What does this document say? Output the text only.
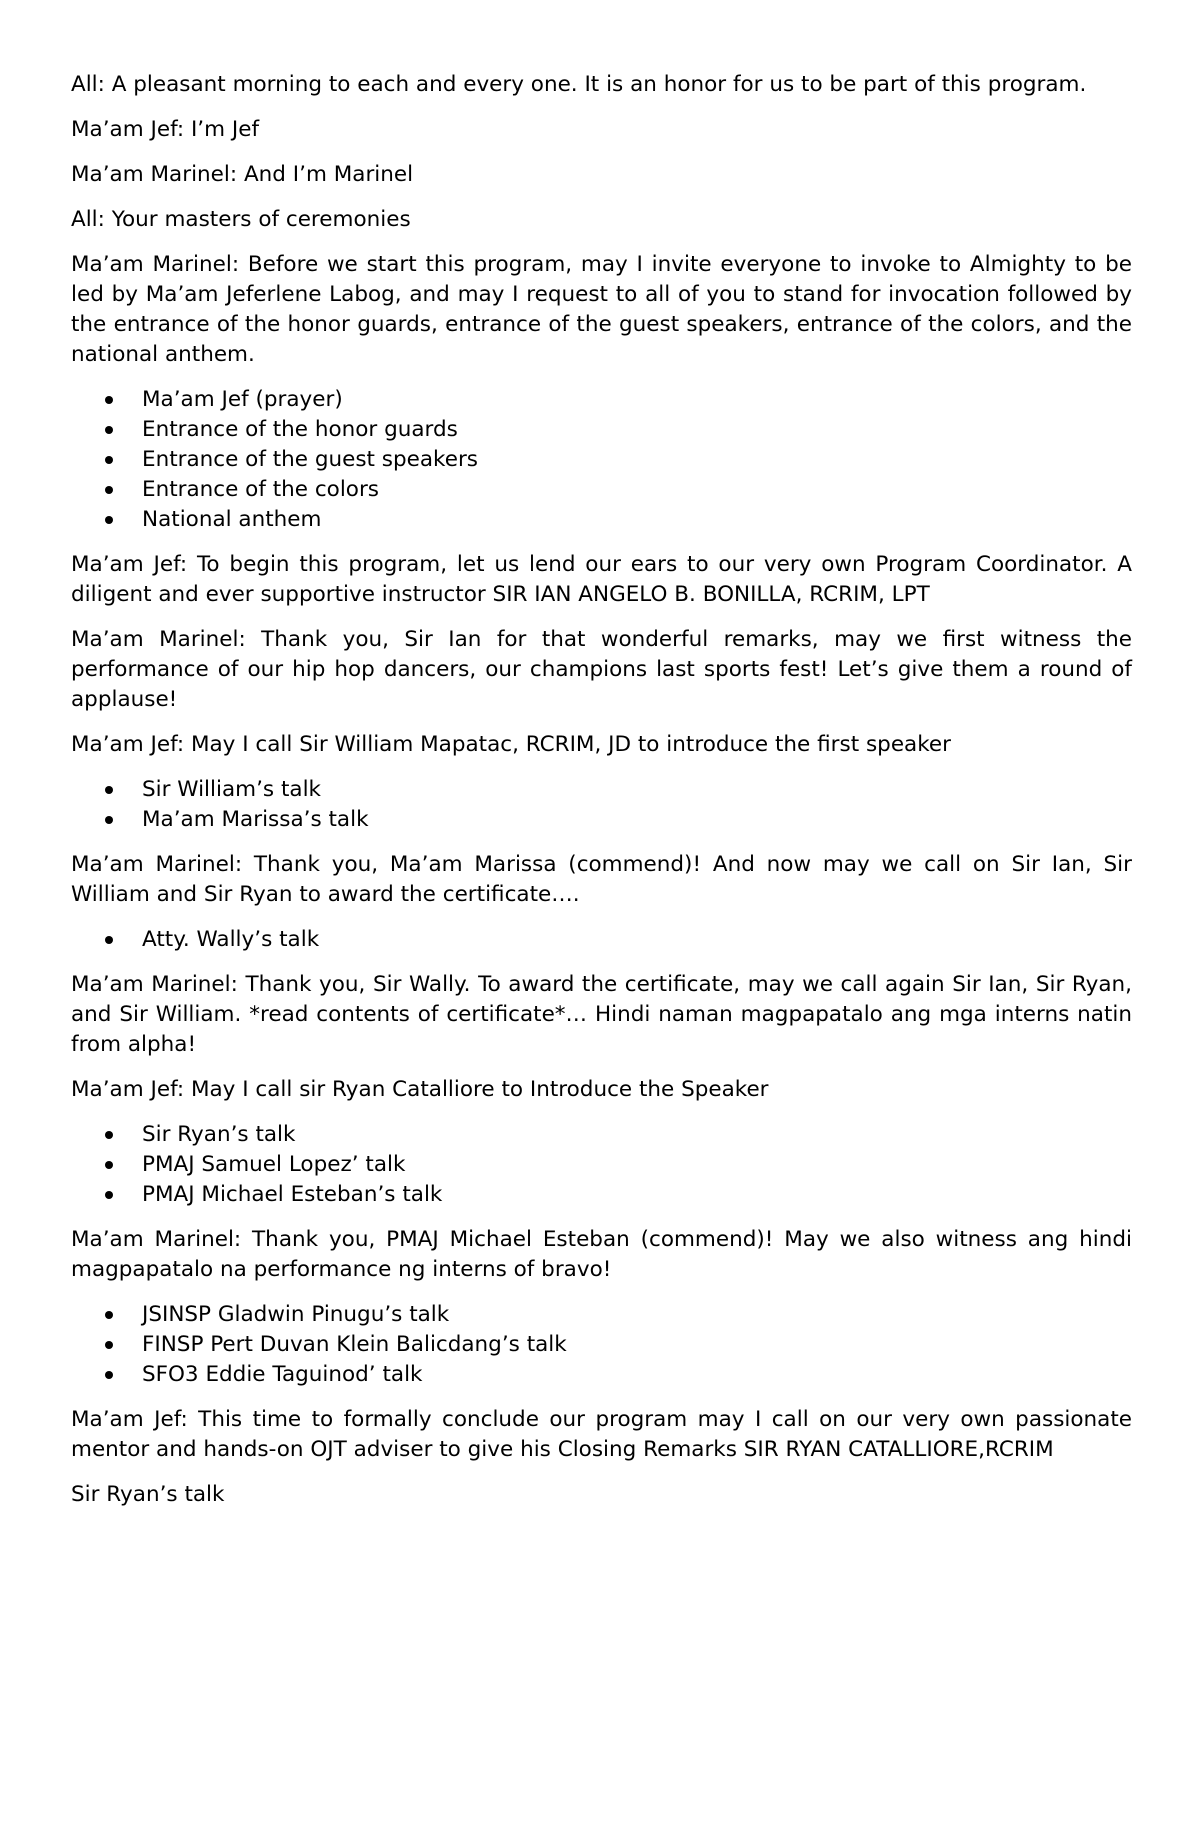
All: A pleasant morning to each and every one. It is an honor for us to be part of this program.

Ma’am Jef: I’m Jef

Ma’am Marinel: And I’m Marinel

All: Your masters of ceremonies

Ma’am Marinel: Before we start this program, may I invite everyone to invoke to Almighty to be led by Ma’am Jeferlene Labog, and may I request to all of you to stand for invocation followed by the entrance of the honor guards, entrance of the guest speakers, entrance of the colors, and the national anthem.

Ma’am Jef (prayer)
Entrance of the honor guards
Entrance of the guest speakers
Entrance of the colors
National anthem

Ma’am Jef: To begin this program, let us lend our ears to our very own Program Coordinator. A diligent and ever supportive instructor SIR IAN ANGELO B. BONILLA, RCRIM, LPT

Ma’am Marinel: Thank you, Sir Ian for that wonderful remarks, may we first witness the performance of our hip hop dancers, our champions last sports fest! Let’s give them a round of applause!

Ma’am Jef: May I call Sir William Mapatac, RCRIM, JD to introduce the first speaker

Sir William’s talk
Ma’am Marissa’s talk

Ma’am Marinel: Thank you, Ma’am Marissa (commend)! And now may we call on Sir Ian, Sir William and Sir Ryan to award the certificate….

Atty. Wally’s talk

Ma’am Marinel: Thank you, Sir Wally. To award the certificate, may we call again Sir Ian, Sir Ryan, and Sir William. *read contents of certificate*… Hindi naman magpapatalo ang mga interns natin from alpha!

Ma’am Jef: May I call sir Ryan Catalliore to Introduce the Speaker

Sir Ryan’s talk
PMAJ Samuel Lopez’ talk
PMAJ Michael Esteban’s talk

Ma’am Marinel: Thank you, PMAJ Michael Esteban (commend)! May we also witness ang hindi magpapatalo na performance ng interns of bravo!

JSINSP Gladwin Pinugu’s talk
FINSP Pert Duvan Klein Balicdang’s talk
SFO3 Eddie Taguinod’ talk

Ma’am Jef: This time to formally conclude our program may I call on our very own passionate mentor and hands-on OJT adviser to give his Closing Remarks SIR RYAN CATALLIORE,RCRIM

Sir Ryan’s talk
